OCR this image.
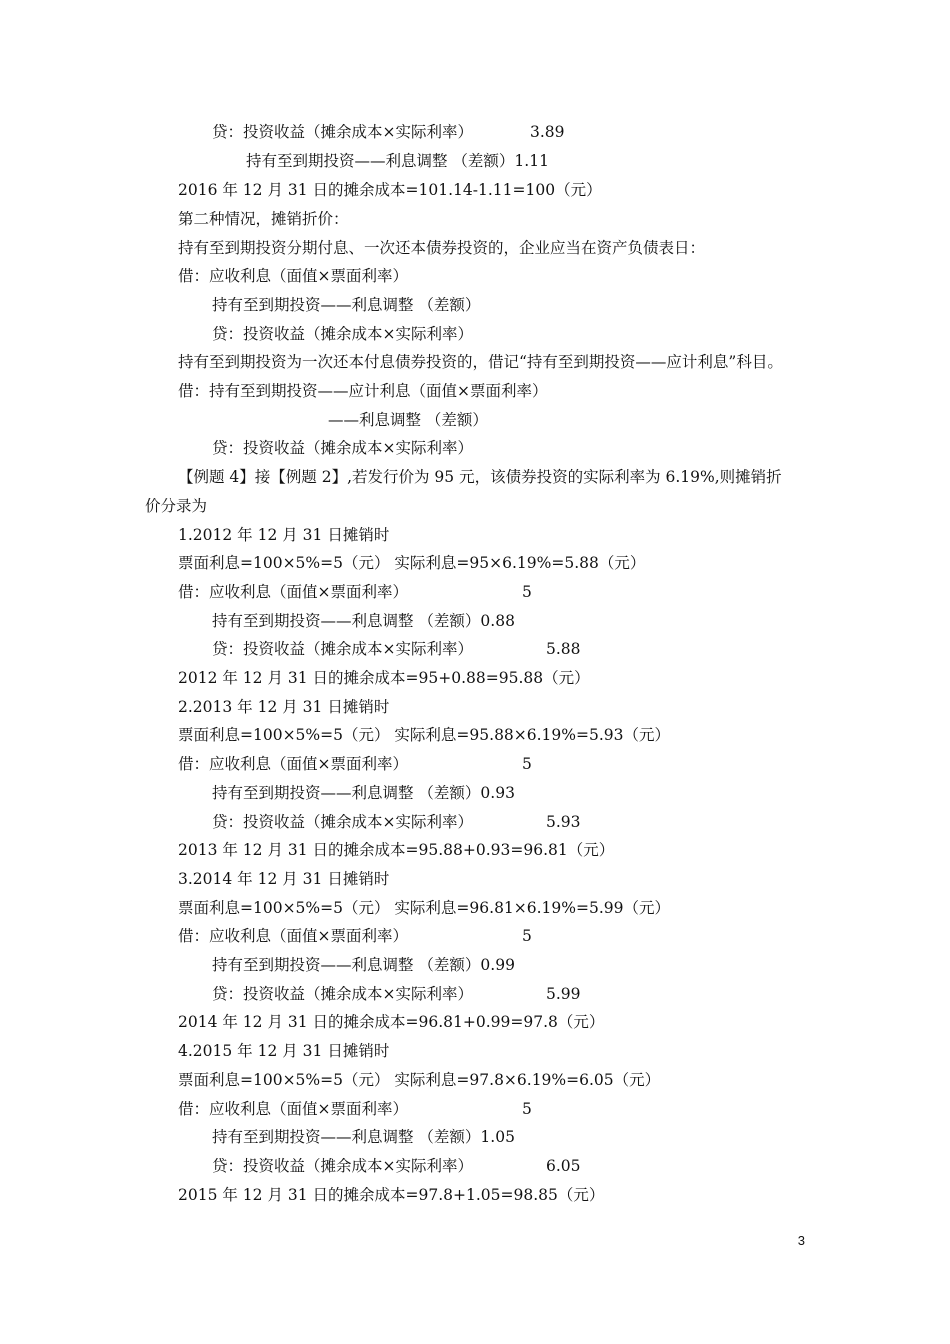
贷：投资收益（摊余成本×实际利率）	3.89
持有至到期投资——利息调整 （差额）1.11
2016 年 12 月 31 日的摊余成本=101.14-1.11=100（元）
第二种情况，摊销折价：
持有至到期投资分期付息、一次还本债券投资的，企业应当在资产负债表日：
借：应收利息（面值×票面利率）
持有至到期投资——利息调整 （差额）
贷：投资收益（摊余成本×实际利率）
持有至到期投资为一次还本付息债券投资的，借记“持有至到期投资——应计利息”科目。
借：持有至到期投资——应计利息（面值×票面利率）
——利息调整 （差额）
贷：投资收益（摊余成本×实际利率）
【例题 4】接【例题 2】,若发行价为 95 元，该债券投资的实际利率为 6.19%,则摊销折
价分录为
1.2012 年 12 月 31 日摊销时
票面利息=100×5%=5（元） 实际利息=95×6.19%=5.88（元）
借：应收利息（面值×票面利率）	5
持有至到期投资——利息调整 （差额）0.88
贷：投资收益（摊余成本×实际利率）	5.88
2012 年 12 月 31 日的摊余成本=95+0.88=95.88（元）
2.2013 年 12 月 31 日摊销时
票面利息=100×5%=5（元） 实际利息=95.88×6.19%=5.93（元）
借：应收利息（面值×票面利率）	5
持有至到期投资——利息调整 （差额）0.93
贷：投资收益（摊余成本×实际利率）	5.93
2013 年 12 月 31 日的摊余成本=95.88+0.93=96.81（元）
3.2014 年 12 月 31 日摊销时
票面利息=100×5%=5（元） 实际利息=96.81×6.19%=5.99（元）
借：应收利息（面值×票面利率）	5
持有至到期投资——利息调整 （差额）0.99
贷：投资收益（摊余成本×实际利率）	5.99
2014 年 12 月 31 日的摊余成本=96.81+0.99=97.8（元）
4.2015 年 12 月 31 日摊销时
票面利息=100×5%=5（元） 实际利息=97.8×6.19%=6.05（元）
借：应收利息（面值×票面利率）	5
持有至到期投资——利息调整 （差额）1.05
贷：投资收益（摊余成本×实际利率）	6.05
2015 年 12 月 31 日的摊余成本=97.8+1.05=98.85（元）
3
